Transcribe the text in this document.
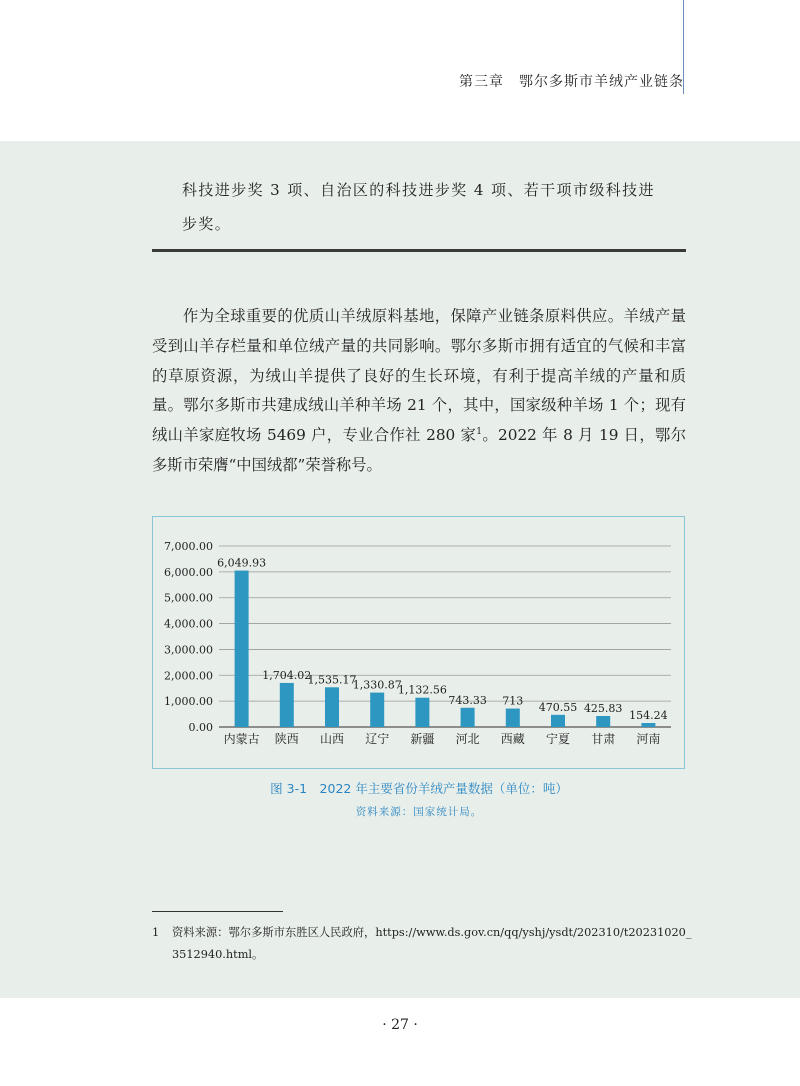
第三章　鄂尔多斯市羊绒产业链条
科技进步奖 3 项、自治区的科技进步奖 4 项、若干项市级科技进
步奖。

作为全球重要的优质山羊绒原料基地，保障产业链条原料供应。羊绒产量受到山羊存栏量和单位绒产量的共同影响。鄂尔多斯市拥有适宜的气候和丰富的草原资源，为绒山羊提供了良好的生长环境，有利于提高羊绒的产量和质量。鄂尔多斯市共建成绒山羊种羊场 21 个，其中，国家级种羊场 1 个；现有绒山羊家庭牧场 5469 户，专业合作社 280 家$^1$。2022 年 8 月 19 日，鄂尔多斯市荣膺“中国绒都”荣誉称号。

0.00
1,000.00
2,000.00
3,000.00
4,000.00
5,000.00
6,000.00
7,000.00
6,049.93
内蒙古
1,704.02
陕西
1,535.17
山西
1,330.87
辽宁
1,132.56
新疆
743.33
河北
713
西藏
470.55
宁夏
425.83
甘肃
154.24
河南
图 3-1　2022 年主要省份羊绒产量数据（单位：吨）
资料来源：国家统计局。
1 资料来源：鄂尔多斯市东胜区人民政府，https://www.ds.gov.cn/qq/yshj/ysdt/202310/t20231020_
3512940.html。
· 27 ·
